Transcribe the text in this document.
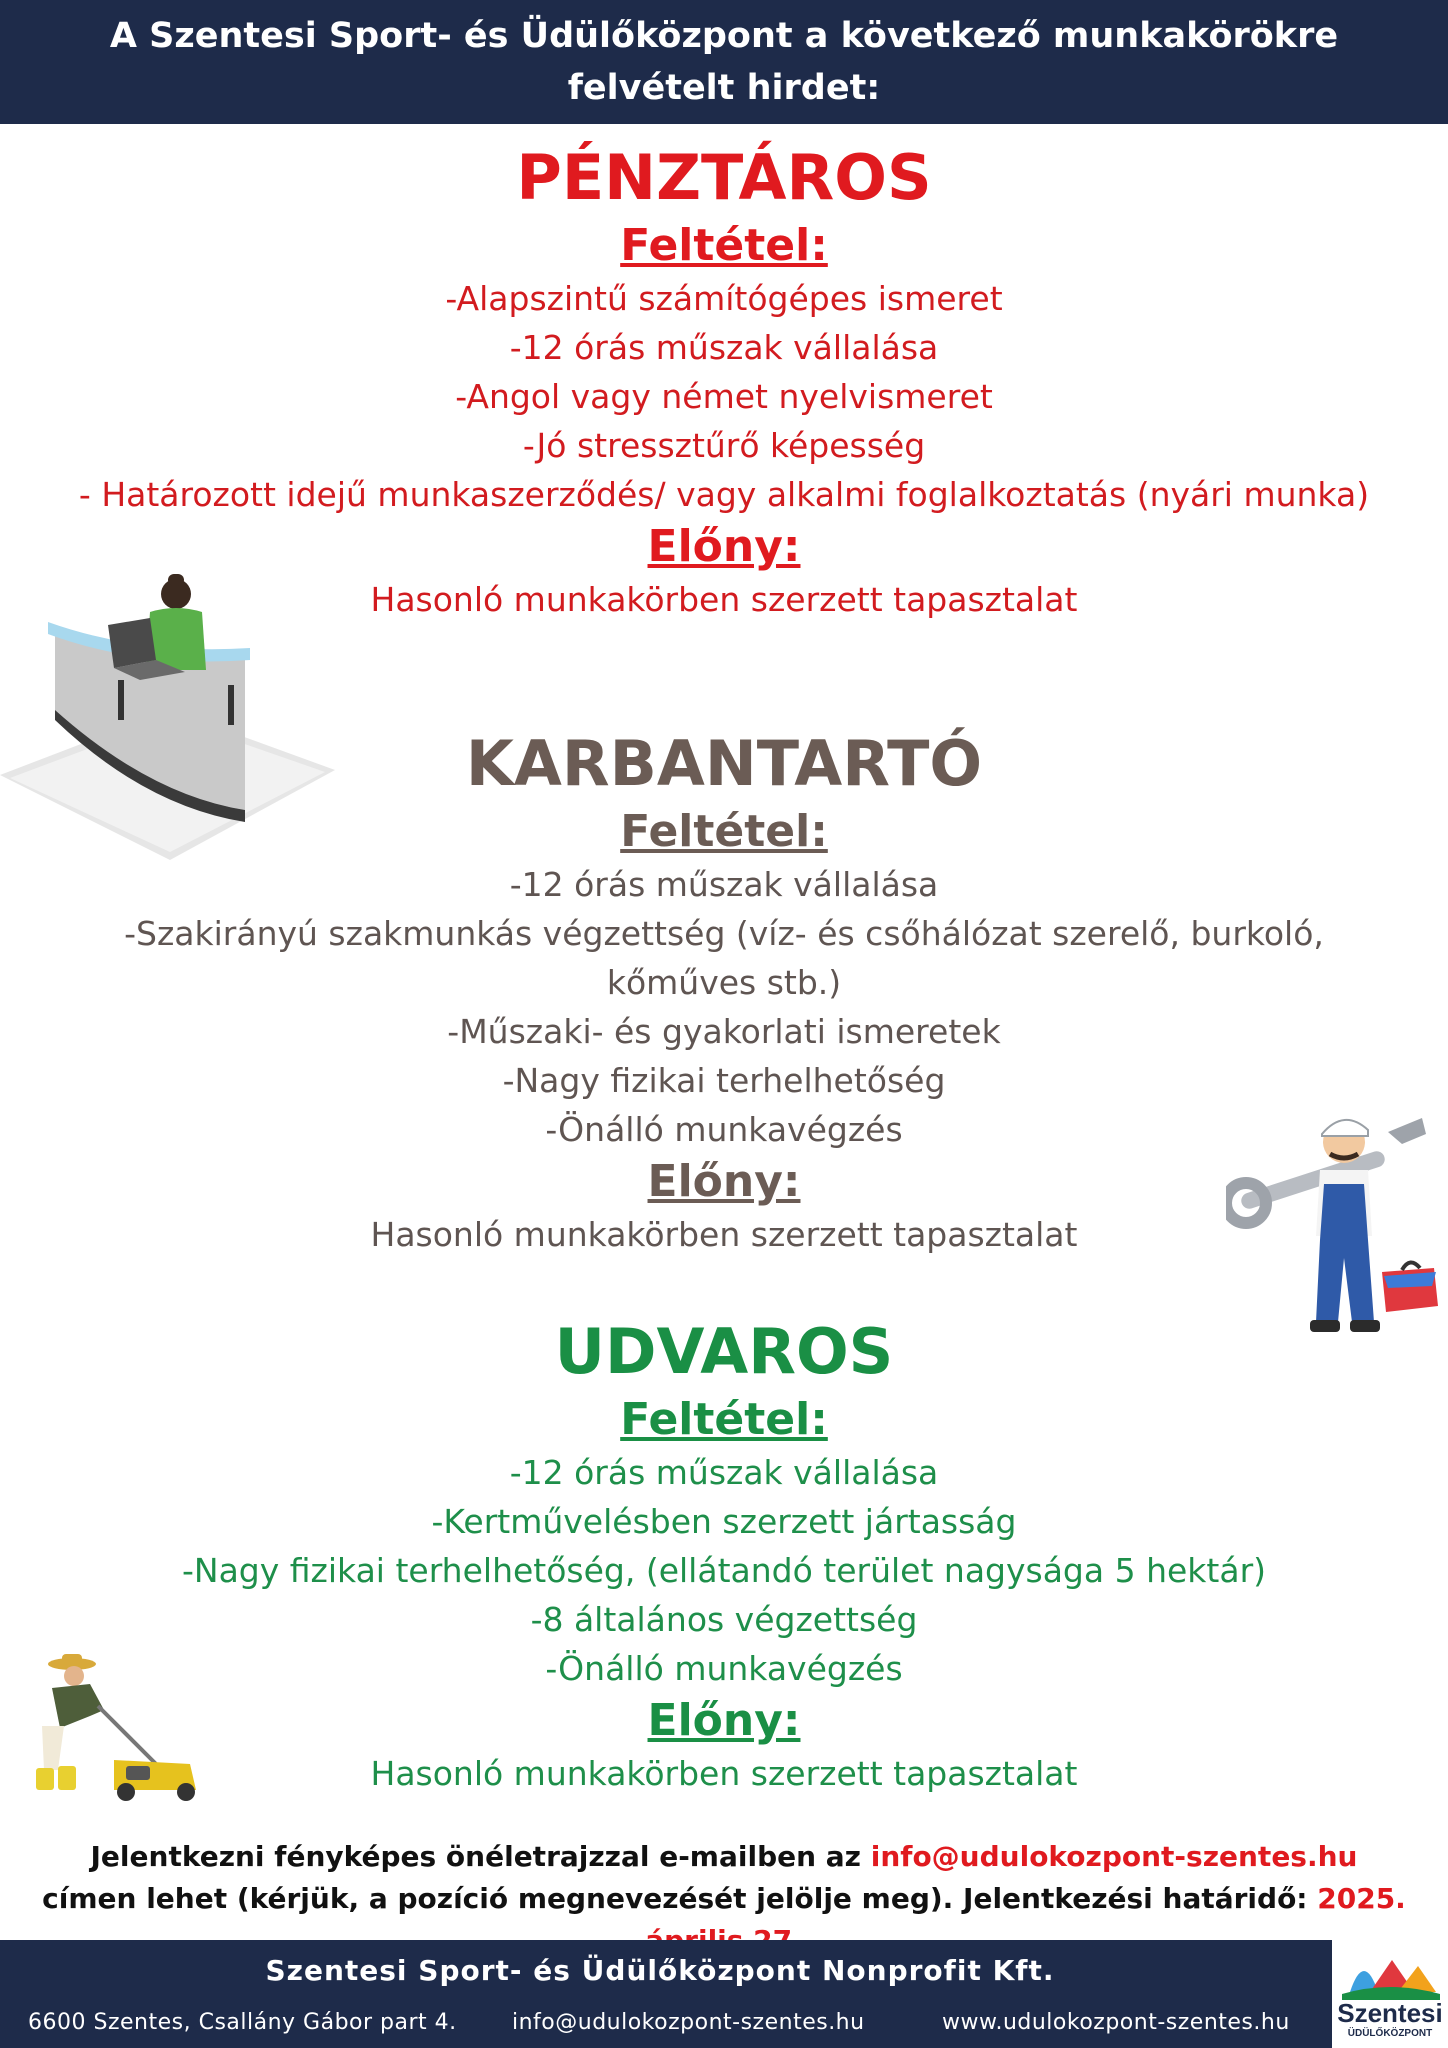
A Szentesi Sport- és Üdülőközpont a következő munkakörökre felvételt hirdet:
PÉNZTÁROS
Feltétel:
-Alapszintű számítógépes ismeret
-12 órás műszak vállalása
-Angol vagy német nyelvismeret
-Jó stressztűrő képesség
- Határozott idejű munkaszerződés/ vagy alkalmi foglalkoztatás (nyári munka)
Előny:

Hasonló munkakörben szerzett tapasztalat

KARBANTARTÓ
Feltétel:
-12 órás műszak vállalása
-Szakirányú szakmunkás végzettség (víz- és csőhálózat szerelő, burkoló,
kőműves stb.)
-Műszaki- és gyakorlati ismeretek
-Nagy fizikai terhelhetőség
-Önálló munkavégzés
Előny:

Hasonló munkakörben szerzett tapasztalat

UDVAROS
Feltétel:
-12 órás műszak vállalása
-Kertművelésben szerzett jártasság
-Nagy fizikai terhelhetőség, (ellátandó terület nagysága 5 hektár)
-8 általános végzettség
-Önálló munkavégzés
Előny:

Hasonló munkakörben szerzett tapasztalat

Jelentkezni fényképes önéletrajzzal e-mailben az info@udulokozpont-szentes.hu címen lehet (kérjük, a pozíció megnevezését jelölje meg). Jelentkezési határidő: 2025.

Szentesi Sport- és Üdülőközpont Nonprofit Kft.
6600 Szentes, Csallány Gábor part 4.	info@udulokozpont-szentes.hu	www.udulokozpont-szentes.hu Szentesi
ÜDÜLŐKÖZPONT
